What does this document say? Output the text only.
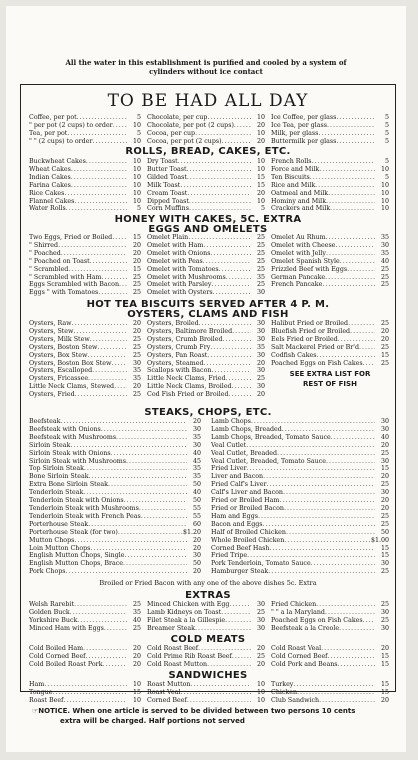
All the water in this establishment is purified and cooled by a system of
cylinders without ice contact
TO BE HAD ALL DAY
Coffee, per pot .....	5
" per pot (2 cups) to order .....	10
Tea, per pot .....	5
" " (2 cups) to order .....	10
Chocolate, per cup .....	10
Chocolate, per pot (2 cups) .....	20
Cocoa, per cup .....	10
Cocoa, per pot (2 cups) .....	20
Ice Coffee, per glass .....	5
Ice Tea, per glass .....	5
Milk, per glass .....	5
Buttermilk per glass .....	5
ROLLS, BREAD, CAKES, ETC.
Buckwheat Cakes .....	10
Wheat Cakes .....	10
Indian Cakes .....	10
Farina Cakes .....	10
Rice Cakes .....	10
Flannel Cakes .....	10
Water Rolls .....	5
Dry Toast .....	10
Butter Toast .....	10
Gilded Toast .....	15
Milk Toast .....	15
Cream Toast .....	20
Dipped Toast .....	10
Corn Muffins .....	5
French Rolls .....	5
Force and Milk .....	10
Ten Biscuits .....	5
Rice and Milk .....	10
Oatmeal and Milk .....	10
Hominy and Milk .....	10
Crackers and Milk .....	10
HONEY WITH CAKES, 5C. EXTRA
EGGS AND OMELETS
Two Eggs, Fried or Boiled .....	15
" Shirred .....	20
" Poached .....	20
" Poached on Toast .....	20
" Scrambled .....	15
" Scrambled with Ham .....	25
Eggs Scrambled with Bacon .....	25
Eggs " with Tomatoes .....	25
Omelet Plain .....	25
Omelet with Ham .....	25
Omelet with Onions .....	25
Omelet with Peas .....	25
Omelet with Tomatoes .....	25
Omelet with Mushrooms .....	35
Omelet with Parsley .....	25
Omelet with Oysters .....	30
Omelet Au Rhum .....	35
Omelet with Cheese .....	30
Omelet with Jelly .....	35
Omelet Spanish Style .....	40
Frizzled Beef with Eggs .....	25
German Pancake .....	25
French Pancake .....	25
HOT TEA BISCUITS SERVED AFTER 4 P. M.
OYSTERS, CLAMS AND FISH
Oysters, Raw .....	20
Oysters, Stew .....	20
Oysters, Milk Stew .....	25
Oysters, Boston Stew .....	25
Oysters, Box Stew .....	25
Oysters, Boston Box Stew .....	30
Oysters, Escalloped .....	35
Oysters, Fricassee .....	35
Little Neck Clams, Stewed .....	20
Oysters, Fried .....	25
Oysters, Broiled .....	30
Oysters, Baltimore Broiled .....	30
Oysters, Crumb Broiled .....	30
Oysters, Crumb Fry .....	35
Oysters, Pan Roast .....	30
Oysters, Steamed .....	20
Scallops with Bacon .....	30
Little Neck Clams, Fried .....	25
Little Neck Clams, Broiled .....	30
Cod Fish Fried or Broiled .....	20
Halibut Fried or Broiled .....	25
Bluefish Fried or Broiled .....	20
Eels Fried or Broiled .....	20
Salt Mackerel Fried or Br'd .....	25
Codfish Cakes .....	15
Poached Eggs on Fish Cakes .....	25
SEE EXTRA LIST FOR
REST OF FISH
STEAKS, CHOPS, ETC.
Beefsteak .....	20
Beefsteak with Onions .....	30
Beefsteak with Mushrooms .....	35
Sirloin Steak .....	30
Sirloin Steak with Onions .....	40
Sirloin Steak with Mushrooms .....	45
Top Sirloin Steak .....	35
Bone Sirloin Steak .....	35
Extra Bone Sirloin Steak .....	50
Tenderloin Steak .....	40
Tenderloin Steak with Onions .....	50
Tenderloin Steak with Mushrooms .....	55
Tenderloin Steak with French Peas .....	55
Porterhouse Steak .....	60
Porterhouse Steak (for two) .....	$1.20
Mutton Chops .....	20
Loin Mutton Chops .....	20
English Mutton Chops, Single .....	30
English Mutton Chops, Brace .....	50
Pork Chops .....	20
Lamb Chops .....	30
Lamb Chops, Breaded .....	30
Lamb Chops, Breaded, Tomato Sauce .....	40
Veal Cutlet .....	20
Veal Cutlet, Breaded .....	25
Veal Cutlet, Breaded, Tomato Sauce .....	30
Fried Liver .....	15
Liver and Bacon .....	20
Fried Calf's Liver .....	25
Calf's Liver and Bacon .....	30
Fried or Broiled Ham .....	20
Fried or Broiled Bacon .....	20
Ham and Eggs .....	25
Bacon and Eggs .....	25
Half of Broiled Chicken .....	50
Whole Broiled Chicken .....	$1.00
Corned Beef Hash .....	15
Fried Tripe .....	15
Pork Tenderloin, Tomato Sauce .....	30
Hamburger Steak .....	25
Broiled or Fried Bacon with any one of the above dishes 5c. Extra
EXTRAS
Welsh Rarebit .....	25
Golden Buck .....	35
Yorkshire Buck .....	40
Minced Ham with Eggs .....	25
Minced Chicken with Egg .....	30
Lamb Kidneys on Toast .....	25
Filet Steak a la Gillespie .....	30
Breamer Steak .....	30
Fried Chicken .....	25
" " a la Maryland .....	30
Poached Eggs on Fish Cakes .....	25
Beefsteak a la Creole .....	30
COLD MEATS
Cold Boiled Ham .....	20
Cold Corned Beef .....	20
Cold Boiled Roast Pork .....	20
Cold Roast Beef .....	20
Cold Prime Rib Roast Beef .....	25
Cold Roast Mutton .....	20
Cold Roast Veal .....	20
Cold Corned Beef .....	15
Cold Pork and Beans .....	15
SANDWICHES
Ham .....	10
Tongue .....	15
Roast Beef .....	10
Roast Mutton .....	10
Roast Veal .....	10
Corned Beef .....	10
Turkey .....	15
Chicken .....	15
Club Sandwich .....	20
☞NOTICE. When one article is served to be divided between two persons 10 cents
extra will be charged. Half portions not served
